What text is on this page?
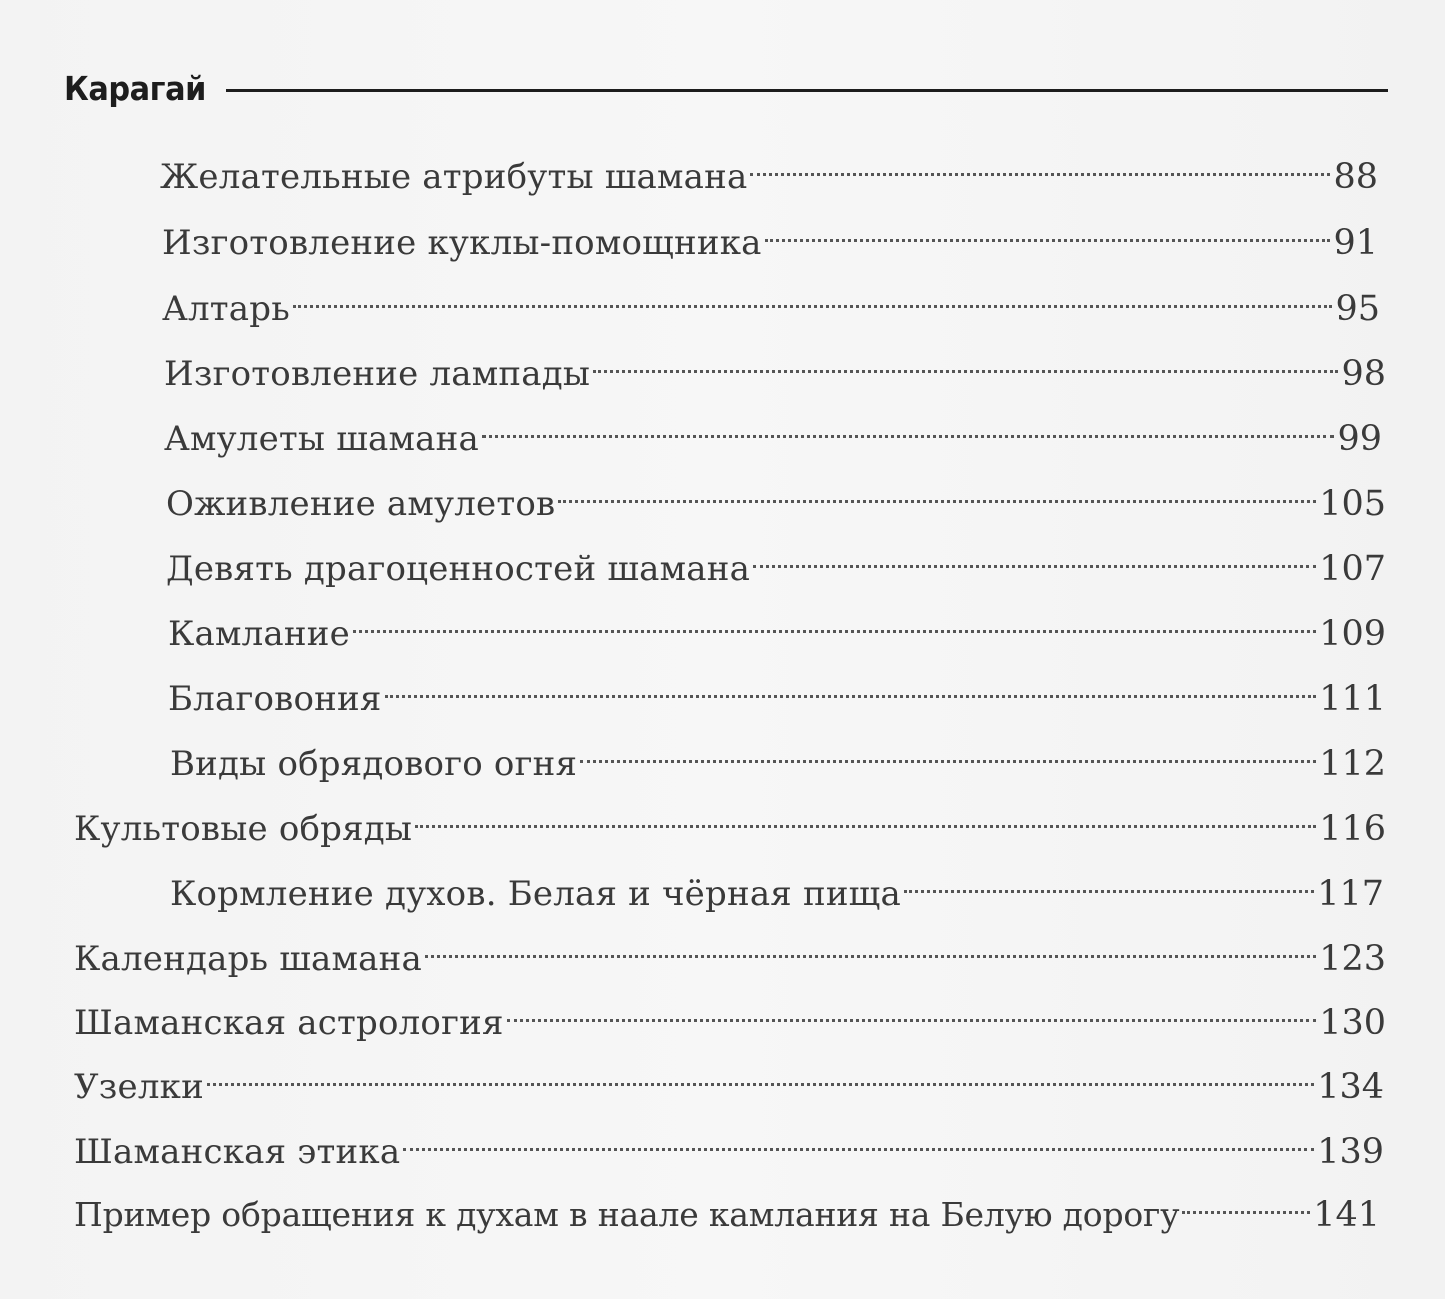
Карагай
Желательные атрибуты шамана	88
Изготовление куклы-помощника	91
Алтарь	95
Изготовление лампады	98
Амулеты шамана	99
Оживление амулетов	105
Девять драгоценностей шамана	107
Камлание	109
Благовония	111
Виды обрядового огня	112
Культовые обряды	116
Кормление духов. Белая и чёрная пища	117
Календарь шамана	123
Шаманская астрология	130
Узелки	134
Шаманская этика	139
Пример обращения к духам в наале камлания на Белую дорогу	141
